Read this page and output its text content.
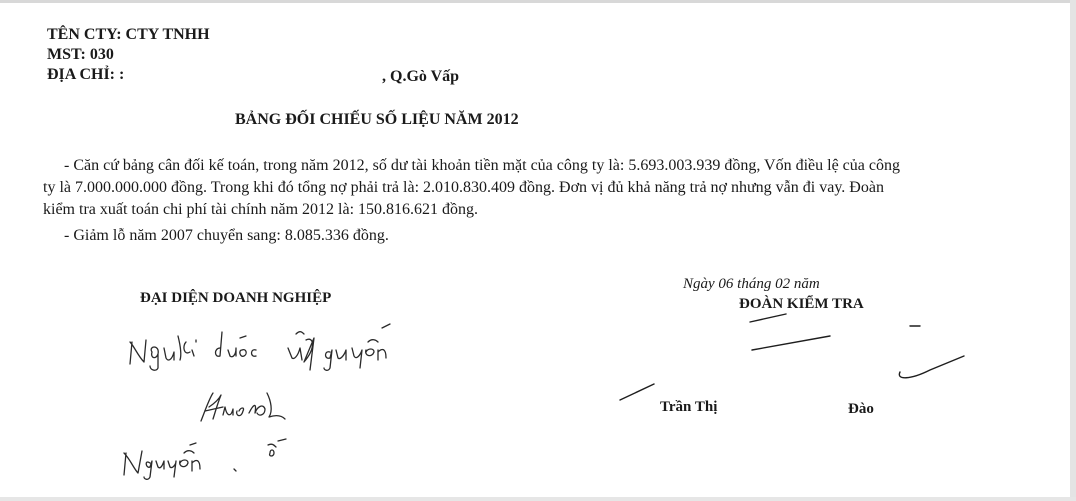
TÊN CTY: CTY TNHH
MST: 030
ĐỊA CHỈ: :	, Q.Gò Vấp
BẢNG ĐỐI CHIẾU SỐ LIỆU NĂM 2012
- Căn cứ bảng cân đối kế toán, trong năm 2012, số dư tài khoản tiền mặt của công ty là: 5.693.003.939 đồng, Vốn điều lệ của công
ty là 7.000.000.000 đồng. Trong khi đó tổng nợ phải trả là: 2.010.830.409 đồng. Đơn vị đủ khả năng trả nợ nhưng vẫn đi vay. Đoàn
kiểm tra xuất toán chi phí tài chính năm 2012 là: 150.816.621 đồng.
- Giảm lỗ năm 2007 chuyển sang: 8.085.336 đồng.
Ngày 06 tháng 02 năm
ĐẠI DIỆN DOANH NGHIỆP	ĐOÀN KIỂM TRA
Trần Thị	Đào
